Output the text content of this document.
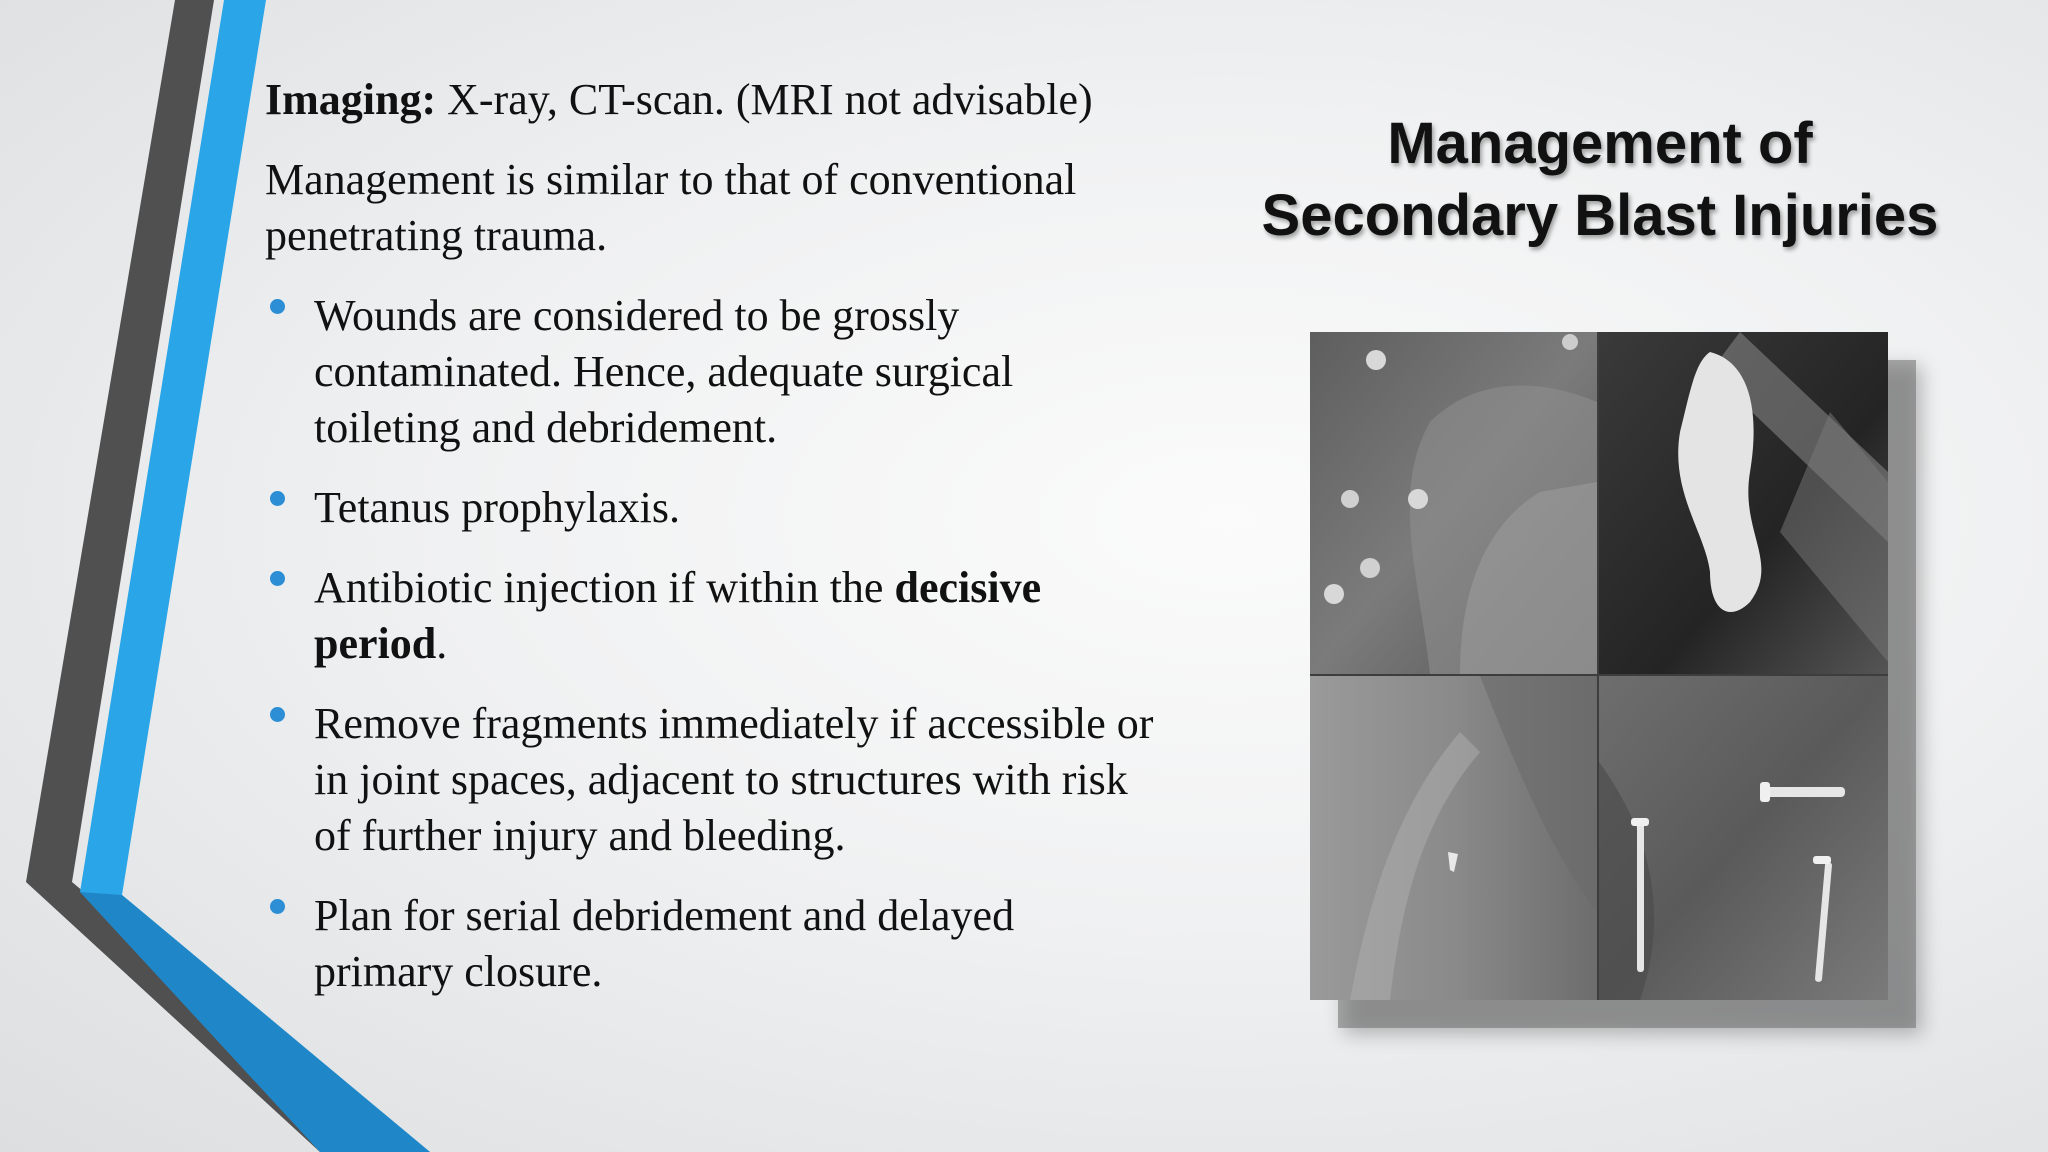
Imaging: X-ray, CT-scan. (MRI not advisable)

Management is similar to that of conventional penetrating trauma.

Wounds are considered to be grossly contaminated. Hence, adequate surgical toileting and debridement.
Tetanus prophylaxis.
Antibiotic injection if within the decisive period.
Remove fragments immediately if accessible or in joint spaces, adjacent to structures with risk of further injury and bleeding.
Plan for serial debridement and delayed primary closure.
Management of
Secondary Blast Injuries
